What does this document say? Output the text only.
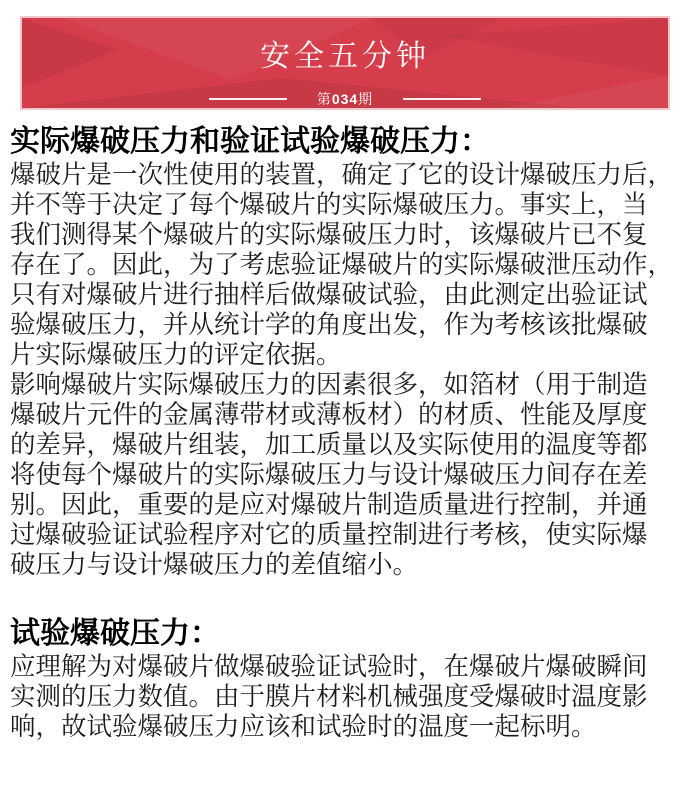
安全五分钟
第034期
实际爆破压力和验证试验爆破压力：
爆破片是一次性使用的装置，确定了它的设计爆破压力后，
并不等于决定了每个爆破片的实际爆破压力。事实上，当
我们测得某个爆破片的实际爆破压力时，该爆破片已不复
存在了。因此，为了考虑验证爆破片的实际爆破泄压动作，
只有对爆破片进行抽样后做爆破试验，由此测定出验证试
验爆破压力，并从统计学的角度出发，作为考核该批爆破
片实际爆破压力的评定依据。
影响爆破片实际爆破压力的因素很多，如箔材（用于制造
爆破片元件的金属薄带材或薄板材）的材质、性能及厚度
的差异，爆破片组装，加工质量以及实际使用的温度等都
将使每个爆破片的实际爆破压力与设计爆破压力间存在差
别。因此，重要的是应对爆破片制造质量进行控制，并通
过爆破验证试验程序对它的质量控制进行考核，使实际爆
破压力与设计爆破压力的差值缩小。
试验爆破压力：
应理解为对爆破片做爆破验证试验时，在爆破片爆破瞬间
实测的压力数值。由于膜片材料机械强度受爆破时温度影
响，故试验爆破压力应该和试验时的温度一起标明。
